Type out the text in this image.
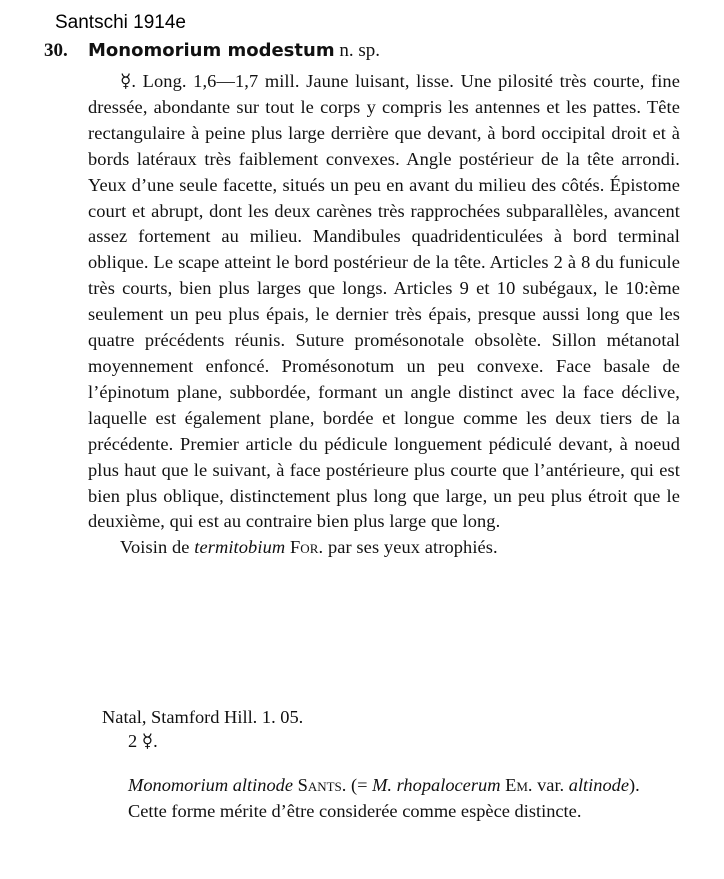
Santschi 1914e
30. Monomorium modestum n. sp.

☿. Long. 1,6—1,7 mill. Jaune luisant, lisse. Une pilosité très courte, fine dressée, abondante sur tout le corps y compris les antennes et les pattes. Tête rectangulaire à peine plus large derrière que devant, à bord occipital droit et à bords latéraux très faiblement convexes. Angle postérieur de la tête arrondi. Yeux d’une seule facette, situés un peu en avant du milieu des côtés. Épistome court et abrupt, dont les deux carènes très rapprochées subparallèles, avancent assez fortement au milieu. Mandibules quadridenticulées à bord terminal oblique. Le scape atteint le bord postérieur de la tête. Articles 2 à 8 du funicule très courts, bien plus larges que longs. Articles 9 et 10 subégaux, le 10:ème seulement un peu plus épais, le dernier très épais, presque aussi long que les quatre précédents réunis. Suture promésonotale obsolète. Sillon métanotal moyennement enfoncé. Promésonotum un peu convexe. Face basale de l’épinotum plane, subbordée, formant un angle distinct avec la face déclive, laquelle est également plane, bordée et longue comme les deux tiers de la précédente. Premier article du pédicule longuement pédiculé devant, à noeud plus haut que le suivant, à face postérieure plus courte que l’antérieure, qui est bien plus oblique, distinctement plus long que large, un peu plus étroit que le deuxième, qui est au contraire bien plus large que long.

Voisin de termitobium For. par ses yeux atrophiés.

Natal, Stamford Hill. 1. 05.
2 ☿.

Monomorium altinode Sants. (= M. rhopalocerum Em. var. altinode).

Cette forme mérite d’être considerée comme espèce distincte.
